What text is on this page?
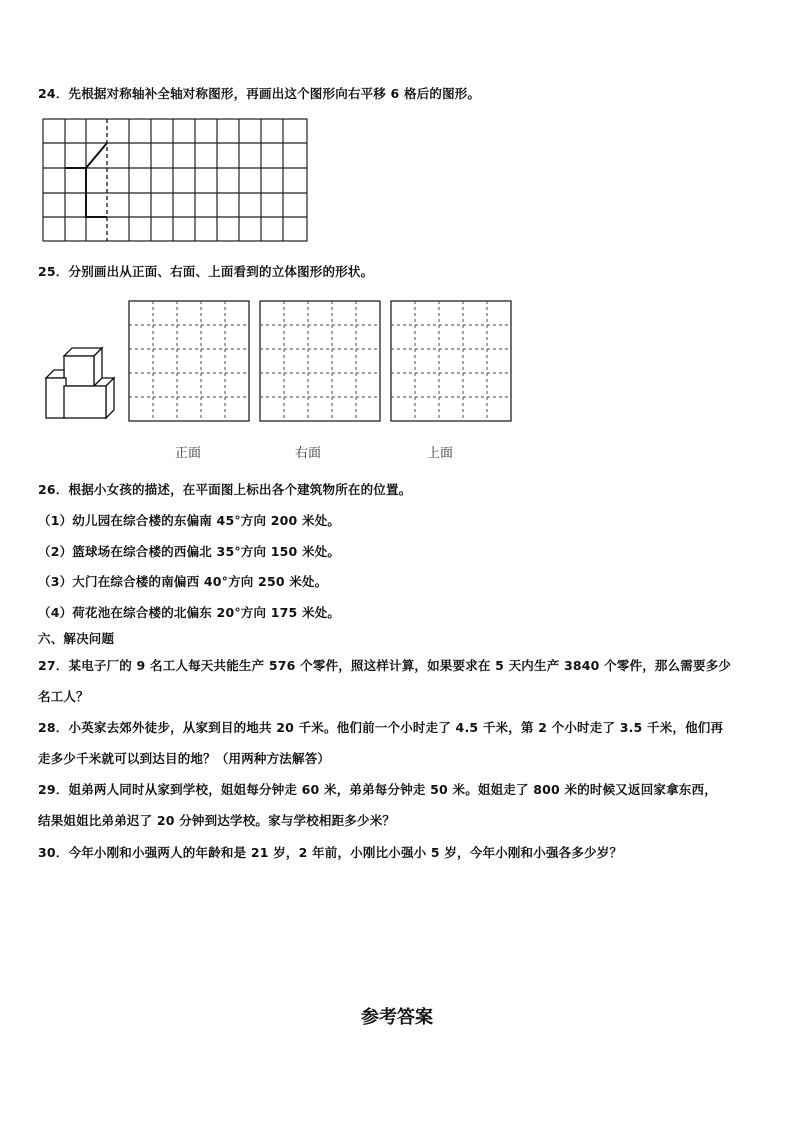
24．先根据对称轴补全轴对称图形，再画出这个图形向右平移 6 格后的图形。
25．分别画出从正面、右面、上面看到的立体图形的形状。
正面	右面	上面
26．根据小女孩的描述，在平面图上标出各个建筑物所在的位置。
（1）幼儿园在综合楼的东偏南 45°方向 200 米处。
（2）篮球场在综合楼的西偏北 35°方向 150 米处。
（3）大门在综合楼的南偏西 40°方向 250 米处。
（4）荷花池在综合楼的北偏东 20°方向 175 米处。
六、解决问题
27．某电子厂的 9 名工人每天共能生产 576 个零件，照这样计算，如果要求在 5 天内生产 3840 个零件，那么需要多少
名工人？
28．小英家去郊外徒步，从家到目的地共 20 千米。他们前一个小时走了 4.5 千米，第 2 个小时走了 3.5 千米，他们再
走多少千米就可以到达目的地？（用两种方法解答）
29．姐弟两人同时从家到学校，姐姐每分钟走 60 米，弟弟每分钟走 50 米。姐姐走了 800 米的时候又返回家拿东西，
结果姐姐比弟弟迟了 20 分钟到达学校。家与学校相距多少米？
30．今年小刚和小强两人的年龄和是 21 岁，2 年前，小刚比小强小 5 岁，今年小刚和小强各多少岁？
参考答案
